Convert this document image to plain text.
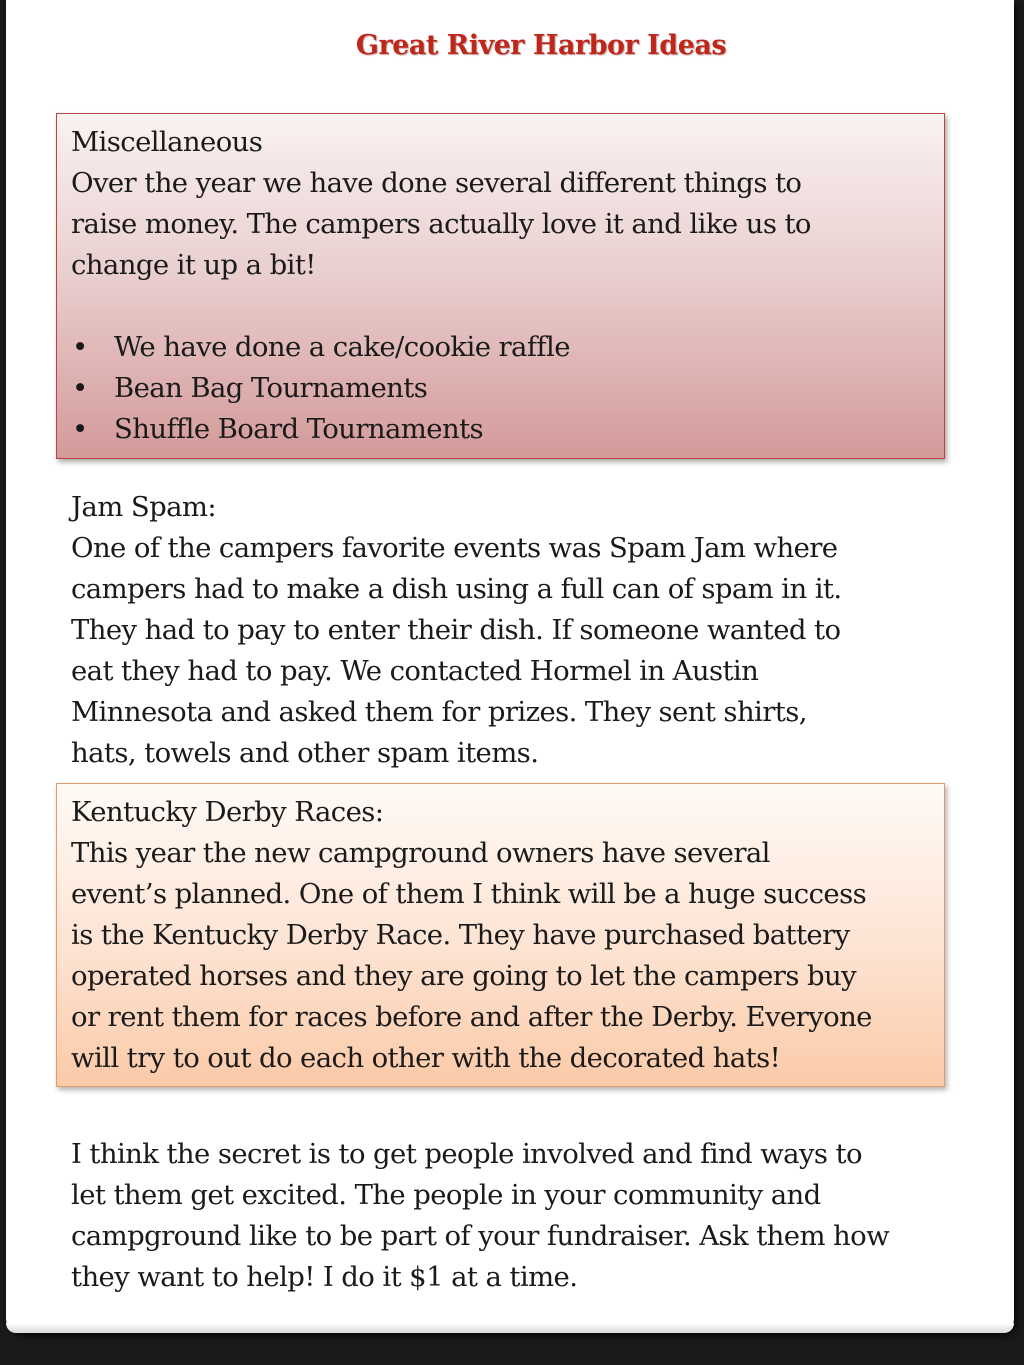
Great River Harbor Ideas

Miscellaneous

Over the year we have done several different things to

raise money. The campers actually love it and like us to

change it up a bit!

• We have done a cake/cookie raffle
• Bean Bag Tournaments
• Shuffle Board Tournaments

Jam Spam:

One of the campers favorite events was Spam Jam where

campers had to make a dish using a full can of spam in it.

They had to pay to enter their dish. If someone wanted to

eat they had to pay. We contacted Hormel in Austin

Minnesota and asked them for prizes. They sent shirts,

hats, towels and other spam items.

Kentucky Derby Races:

This year the new campground owners have several

event’s planned. One of them I think will be a huge success

is the Kentucky Derby Race. They have purchased battery

operated horses and they are going to let the campers buy

or rent them for races before and after the Derby. Everyone

will try to out do each other with the decorated hats!

I think the secret is to get people involved and find ways to

let them get excited. The people in your community and

campground like to be part of your fundraiser. Ask them how

they want to help! I do it $1 at a time.
